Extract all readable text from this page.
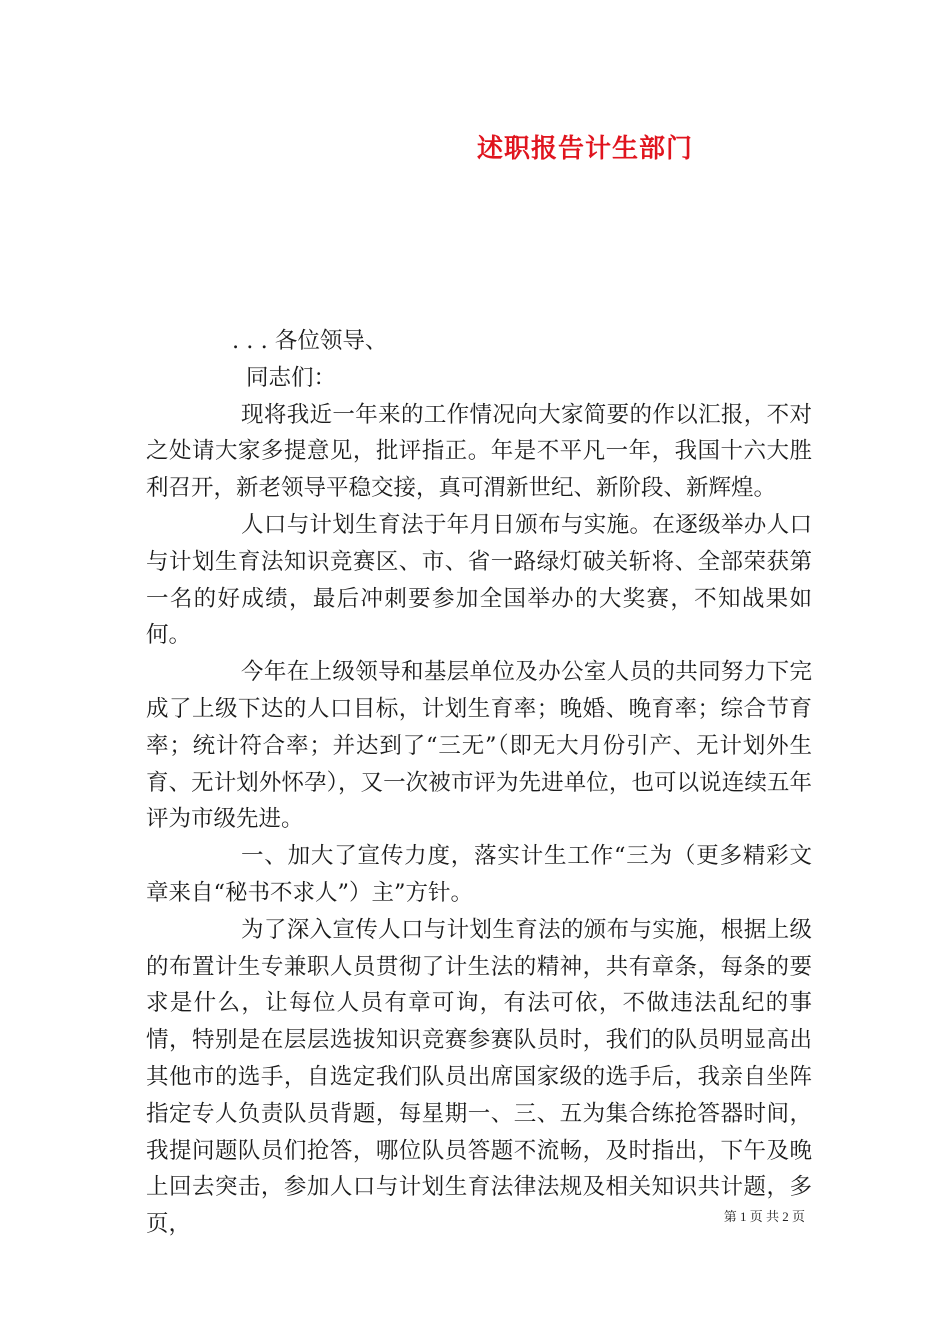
述职报告计生部门

. . . 各位领导、

同志们：

现将我近一年来的工作情况向大家简要的作以汇报，不对之处请大家多提意见，批评指正。年是不平凡一年，我国十六大胜利召开，新老领导平稳交接，真可渭新世纪、新阶段、新辉煌。

人口与计划生育法于年月日颁布与实施。在逐级举办人口与计划生育法知识竞赛区、市、省一路绿灯破关斩将、全部荣获第一名的好成绩，最后冲刺要参加全国举办的大奖赛，不知战果如何。

今年在上级领导和基层单位及办公室人员的共同努力下完成了上级下达的人口目标，计划生育率；晚婚、晚育率；综合节育率；统计符合率；并达到了“三无”（即无大月份引产、无计划外生育、无计划外怀孕），又一次被市评为先进单位，也可以说连续五年评为市级先进。

一、加大了宣传力度，落实计生工作“三为（更多精彩文章来自“秘书不求人”）主”方针。

为了深入宣传人口与计划生育法的颁布与实施，根据上级的布置计生专兼职人员贯彻了计生法的精神，共有章条，每条的要求是什么，让每位人员有章可询，有法可依，不做违法乱纪的事情，特别是在层层选拔知识竞赛参赛队员时，我们的队员明显高出其他市的选手，自选定我们队员出席国家级的选手后，我亲自坐阵指定专人负责队员背题，每星期一、三、五为集合练抢答器时间，我提问题队员们抢答，哪位队员答题不流畅，及时指出，下午及晚上回去突击，参加人口与计划生育法律法规及相关知识共计题，多页，	第 1 页 共 2 页
